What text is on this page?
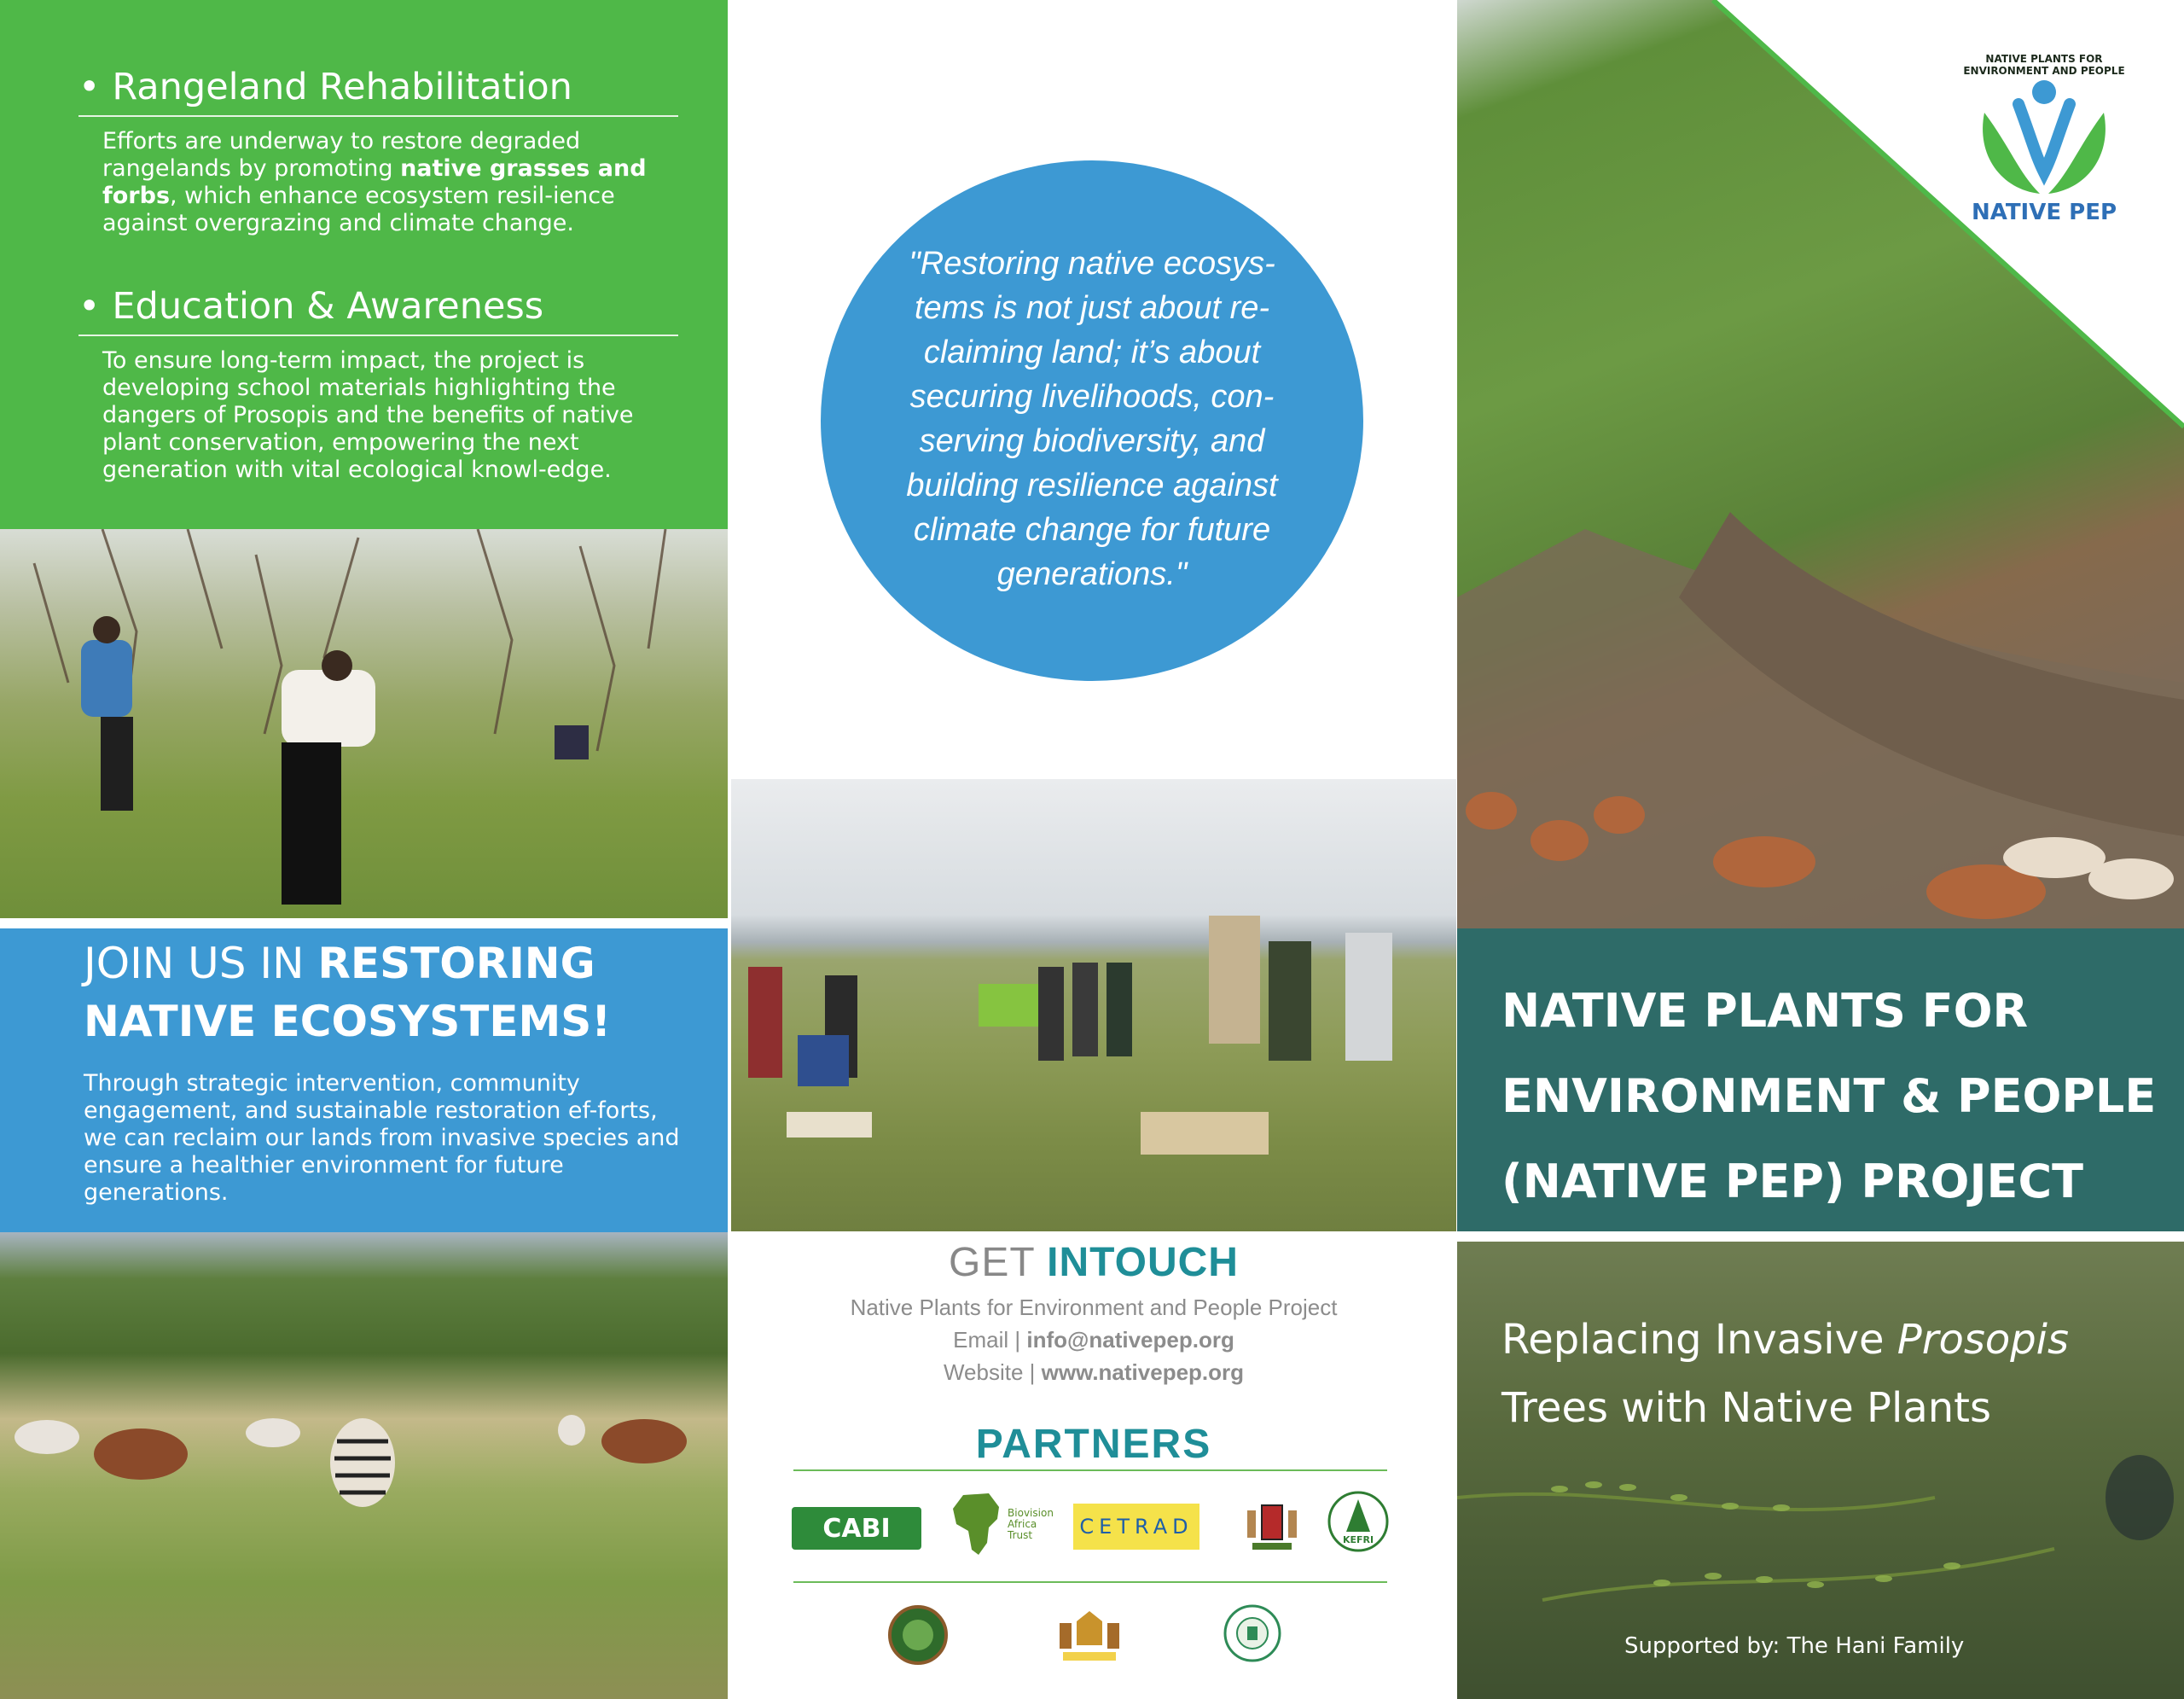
• Rangeland Rehabilitation
Efforts are underway to restore degraded rangelands by promoting native grasses and forbs, which enhance ecosystem resil-ience against overgrazing and climate change.
• Education & Awareness
To ensure long-term impact, the project is developing school materials highlighting the dangers of Prosopis and the benefits of native plant conservation, empowering the next generation with vital ecological knowl-edge.
JOIN US IN RESTORING
NATIVE ECOSYSTEMS!
Through strategic intervention, community engagement, and sustainable restoration ef-forts, we can reclaim our lands from invasive species and ensure a healthier environment for future generations.
"Restoring native ecosys-tems is not just about re-claiming land; it’s about securing livelihoods, con-serving biodiversity, and building resilience against climate change for future generations."
GET INTOUCH
Native Plants for Environment and People Project
Email | info@nativepep.org
Website | www.nativepep.org
PARTNERS
CABI
Biovision
Africa
Trust	CETRAD
KEFRI
NATIVE PLANTS FOR ENVIRONMENT AND PEOPLE
NATIVE PEP
NATIVE PLANTS FOR
ENVIRONMENT & PEOPLE
(NATIVE PEP) PROJECT
Replacing Invasive Prosopis
Trees with Native Plants
Supported by: The Hani Family
